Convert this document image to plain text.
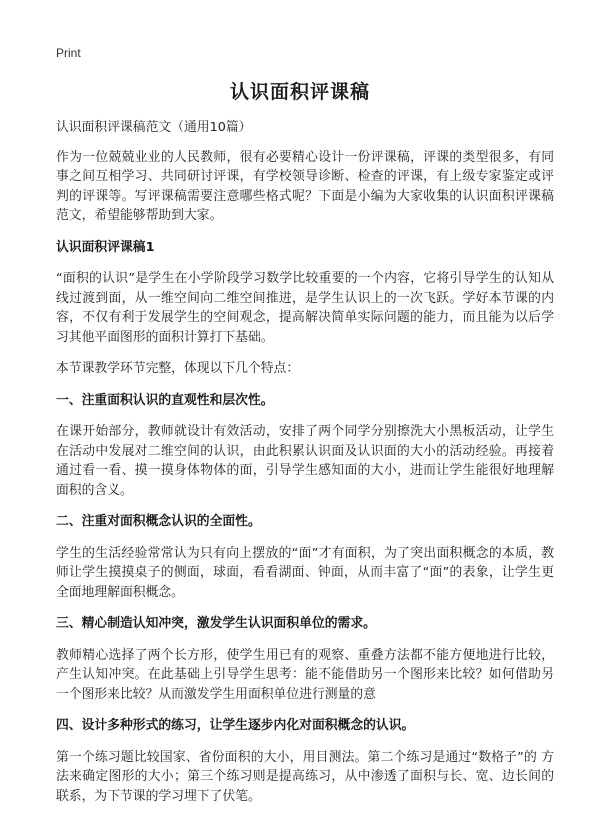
Print
认识面积评课稿

认识面积评课稿范文（通用10篇）

作为一位兢兢业业的人民教师，很有必要精心设计一份评课稿，评课的类型很多，有同事之间互相学习、共同研讨评课，有学校领导诊断、检查的评课，有上级专家鉴定或评判的评课等。写评课稿需要注意哪些格式呢？下面是小编为大家收集的认识面积评课稿范文，希望能够帮助到大家。

认识面积评课稿1

“面积的认识”是学生在小学阶段学习数学比较重要的一个内容，它将引导学生的认知从线过渡到面，从一维空间向二维空间推进，是学生认识上的一次飞跃。学好本节课的内容，不仅有利于发展学生的空间观念，提高解决简单实际问题的能力，而且能为以后学习其他平面图形的面积计算打下基础。

本节课教学环节完整，体现以下几个特点：

一、注重面积认识的直观性和层次性。

在课开始部分，教师就设计有效活动，安排了两个同学分别擦洗大小黑板活动，让学生在活动中发展对二维空间的认识，由此积累认识面及认识面的大小的活动经验。再接着通过看一看、摸一摸身体物体的面，引导学生感知面的大小，进而让学生能很好地理解面积的含义。

二、注重对面积概念认识的全面性。

学生的生活经验常常认为只有向上摆放的“面”才有面积，为了突出面积概念的本质，教师让学生摸摸桌子的侧面，球面，看看湖面、钟面，从而丰富了“面”的表象，让学生更全面地理解面积概念。

三、精心制造认知冲突，激发学生认识面积单位的需求。

教师精心选择了两个长方形，使学生用已有的观察、重叠方法都不能方便地进行比较，产生认知冲突。在此基础上引导学生思考：能不能借助另一个图形来比较？如何借助另一个图形来比较？从而激发学生用面积单位进行测量的意

四、设计多种形式的练习，让学生逐步内化对面积概念的认识。

第一个练习题比较国家、省份面积的大小，用目测法。第二个练习是通过“数格子”的 方法来确定图形的大小；第三个练习则是提高练习，从中渗透了面积与长、宽、边长间的联系，为下节课的学习埋下了伏笔。
